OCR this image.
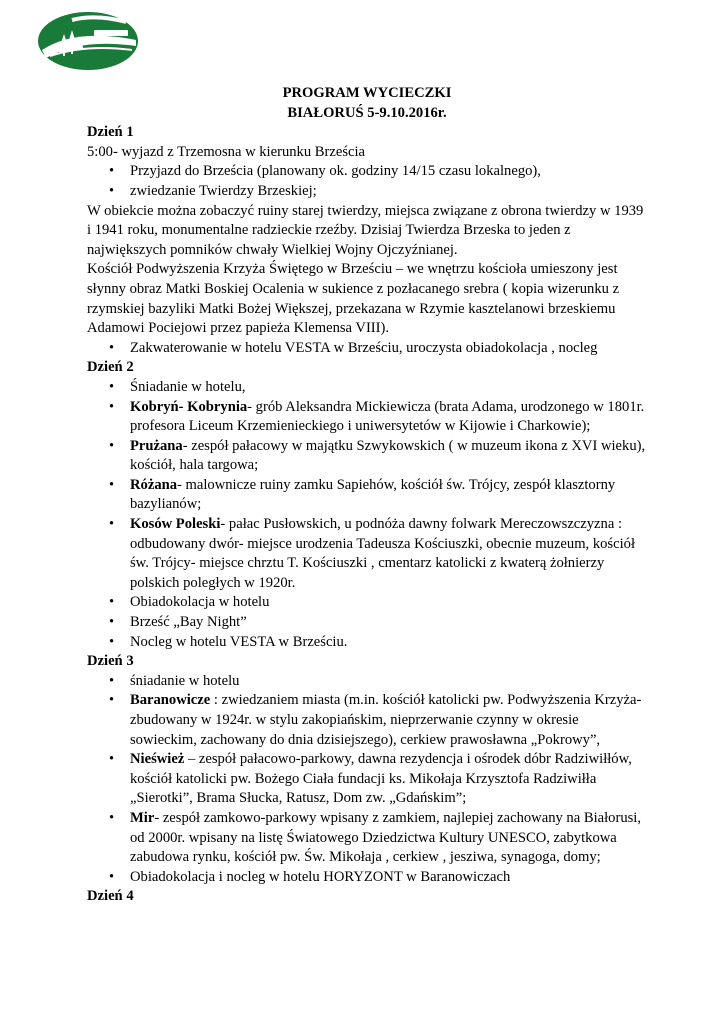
PROGRAM WYCIECZKI

BIAŁORUŚ 5-9.10.2016r.

Dzień 1

5:00- wyjazd z Trzemosna w kierunku Brześcia

• Przyjazd do Brześcia (planowany ok. godziny 14/15 czasu lokalnego),
• zwiedzanie Twierdzy Brzeskiej;

W obiekcie można zobaczyć ruiny starej twierdzy, miejsca związane z obrona twierdzy w 1939 i 1941 roku, monumentalne radzieckie rzeźby. Dzisiaj Twierdza Brzeska to jeden z największych pomników chwały Wielkiej Wojny Ojczyźnianej.

Kościół Podwyższenia Krzyża Świętego w Brześciu – we wnętrzu kościoła umieszony jest słynny obraz Matki Boskiej Ocalenia w sukience z pozłacanego srebra ( kopia wizerunku z rzymskiej bazyliki Matki Bożej Większej, przekazana w Rzymie kasztelanowi brzeskiemu Adamowi Pociejowi przez papieża Klemensa VIII).

• Zakwaterowanie w hotelu VESTA w Brześciu, uroczysta obiadokolacja , nocleg

Dzień 2

• Śniadanie w hotelu,
• Kobryń- Kobrynia- grób Aleksandra Mickiewicza (brata Adama, urodzonego w 1801r. profesora Liceum Krzemienieckiego i uniwersytetów w Kijowie i Charkowie);
• Prużana- zespół pałacowy w majątku Szwykowskich ( w muzeum ikona z XVI wieku), kościół, hala targowa;
• Różana- malownicze ruiny zamku Sapiehów, kościół św. Trójcy, zespół klasztorny bazylianów;
• Kosów Poleski- pałac Pusłowskich, u podnóża dawny folwark Mereczowszczyzna : odbudowany dwór- miejsce urodzenia Tadeusza Kościuszki, obecnie muzeum, kościół św. Trójcy- miejsce chrztu T. Kościuszki , cmentarz katolicki z kwaterą żołnierzy polskich poległych w 1920r.
• Obiadokolacja w hotelu
• Brześć „Bay Night”
• Nocleg w hotelu VESTA w Brześciu.

Dzień 3

• śniadanie w hotelu
• Baranowicze : zwiedzaniem miasta (m.in. kościół katolicki pw. Podwyższenia Krzyża- zbudowany w 1924r. w stylu zakopiańskim, nieprzerwanie czynny w okresie sowieckim, zachowany do dnia dzisiejszego), cerkiew prawosławna „Pokrowy”,
• Nieśwież – zespół pałacowo-parkowy, dawna rezydencja i ośrodek dóbr Radziwiłłów, kościół katolicki pw. Bożego Ciała fundacji ks. Mikołaja Krzysztofa Radziwiłła „Sierotki”, Brama Słucka, Ratusz, Dom zw. „Gdańskim”;
• Mir- zespół zamkowo-parkowy wpisany z zamkiem, najlepiej zachowany na Białorusi, od 2000r. wpisany na listę Światowego Dziedzictwa Kultury UNESCO, zabytkowa zabudowa rynku, kościół pw. Św. Mikołaja , cerkiew , jesziwa, synagoga, domy;
• Obiadokolacja i nocleg w hotelu HORYZONT w Baranowiczach

Dzień 4
